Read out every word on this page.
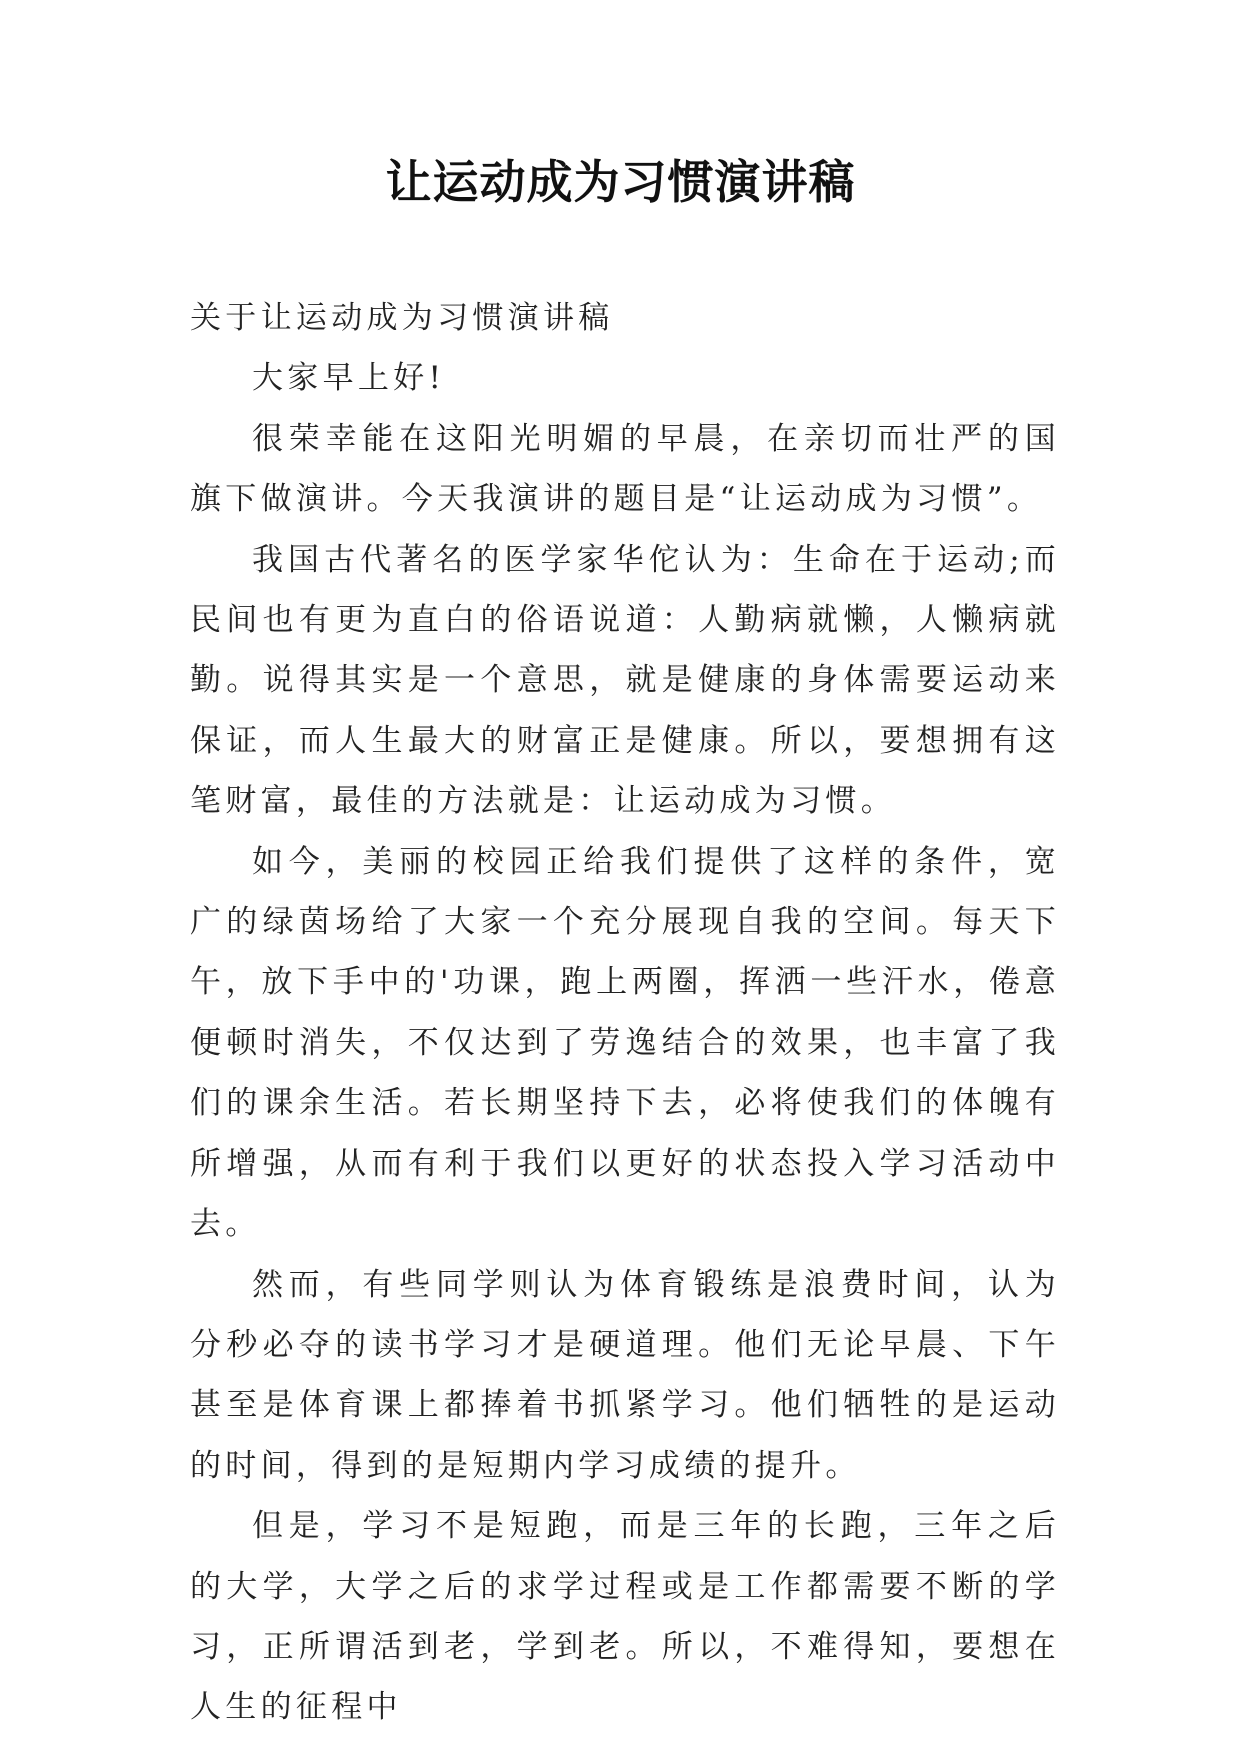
让运动成为习惯演讲稿

关于让运动成为习惯演讲稿

大家早上好!

很荣幸能在这阳光明媚的早晨，在亲切而壮严的国旗下做演讲。今天我演讲的题目是“让运动成为习惯”。

我国古代著名的医学家华佗认为：生命在于运动;而民间也有更为直白的俗语说道：人勤病就懒，人懒病就勤。说得其实是一个意思，就是健康的身体需要运动来保证，而人生最大的财富正是健康。所以，要想拥有这笔财富，最佳的方法就是：让运动成为习惯。

如今，美丽的校园正给我们提供了这样的条件，宽广的绿茵场给了大家一个充分展现自我的空间。每天下午，放下手中的'功课，跑上两圈，挥洒一些汗水，倦意便顿时消失，不仅达到了劳逸结合的效果，也丰富了我们的课余生活。若长期坚持下去，必将使我们的体魄有所增强，从而有利于我们以更好的状态投入学习活动中去。

然而，有些同学则认为体育锻练是浪费时间，认为分秒必夺的读书学习才是硬道理。他们无论早晨、下午甚至是体育课上都捧着书抓紧学习。他们牺牲的是运动的时间，得到的是短期内学习成绩的提升。

但是，学习不是短跑，而是三年的长跑，三年之后的大学，大学之后的求学过程或是工作都需要不断的学习，正所谓活到老，学到老。所以，不难得知，要想在人生的征程中
